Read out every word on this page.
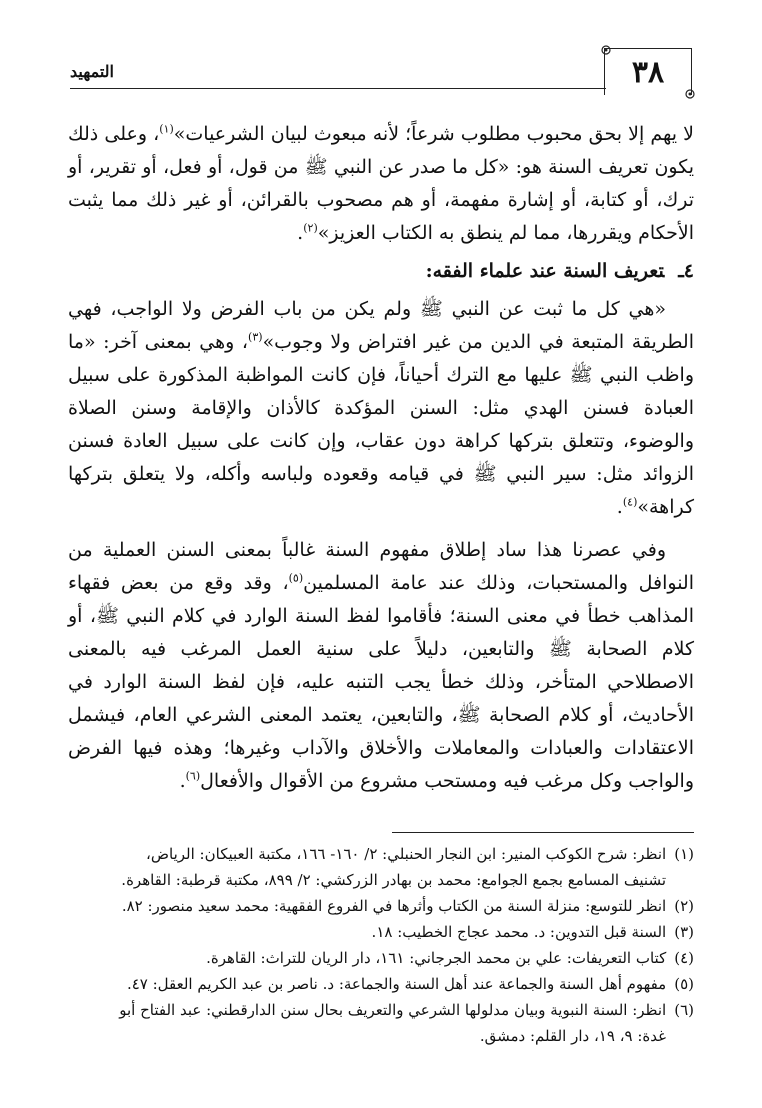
التمهيد	٣٨

لا يهم إلا بحق محبوب مطلوب شرعاً؛ لأنه مبعوث لبيان الشرعيات»$^{(١)}$، وعلى ذلك يكون تعريف السنة هو: «كل ما صدر عن النبي ﷺ من قول، أو فعل، أو تقرير، أو ترك، أو كتابة، أو إشارة مفهمة، أو هم مصحوب بالقرائن، أو غير ذلك مما يثبت الأحكام ويقررها، مما لم ينطق به الكتاب العزيز»$^{(٢)}$.

٤ـتعريف السنة عند علماء الفقه:

«هي كل ما ثبت عن النبي ﷺ ولم يكن من باب الفرض ولا الواجب، فهي الطريقة المتبعة في الدين من غير افتراض ولا وجوب»$^{(٣)}$، وهي بمعنى آخر: «ما واظب النبي ﷺ عليها مع الترك أحياناً، فإن كانت المواظبة المذكورة على سبيل العبادة فسنن الهدي مثل: السنن المؤكدة كالأذان والإقامة وسنن الصلاة والوضوء، وتتعلق بتركها كراهة دون عقاب، وإن كانت على سبيل العادة فسنن الزوائد مثل: سير النبي ﷺ في قيامه وقعوده ولباسه وأكله، ولا يتعلق بتركها كراهة»$^{(٤)}$.

وفي عصرنا هذا ساد إطلاق مفهوم السنة غالباً بمعنى السنن العملية من النوافل والمستحبات، وذلك عند عامة المسلمين$^{(٥)}$، وقد وقع من بعض فقهاء المذاهب خطأ في معنى السنة؛ فأقاموا لفظ السنة الوارد في كلام النبي ﷺ، أو كلام الصحابة ﷺ والتابعين، دليلاً على سنية العمل المرغب فيه بالمعنى الاصطلاحي المتأخر، وذلك خطأ يجب التنبه عليه، فإن لفظ السنة الوارد في الأحاديث، أو كلام الصحابة ﷺ، والتابعين، يعتمد المعنى الشرعي العام، فيشمل الاعتقادات والعبادات والمعاملات والأخلاق والآداب وغيرها؛ وهذه فيها الفرض والواجب وكل مرغب فيه ومستحب مشروع من الأقوال والأفعال$^{(٦)}$.

(١)انظر: شرح الكوكب المنير: ابن النجار الحنبلي: ٢/ ١٦٠- ١٦٦، مكتبة العبيكان: الرياض،

تشنيف المسامع بجمع الجوامع: محمد بن بهادر الزركشي: ٢/ ٨٩٩، مكتبة قرطبة: القاهرة.

(٢)انظر للتوسع: منزلة السنة من الكتاب وأثرها في الفروع الفقهية: محمد سعيد منصور: ٨٢.

(٣)السنة قبل التدوين: د. محمد عجاج الخطيب: ١٨.

(٤)كتاب التعريفات: علي بن محمد الجرجاني: ١٦١، دار الريان للتراث: القاهرة.

(٥)مفهوم أهل السنة والجماعة عند أهل السنة والجماعة: د. ناصر بن عبد الكريم العقل: ٤٧.

(٦)انظر: السنة النبوية وبيان مدلولها الشرعي والتعريف بحال سنن الدارقطني: عبد الفتاح أبو

غدة: ٩، ١٩، دار القلم: دمشق.
